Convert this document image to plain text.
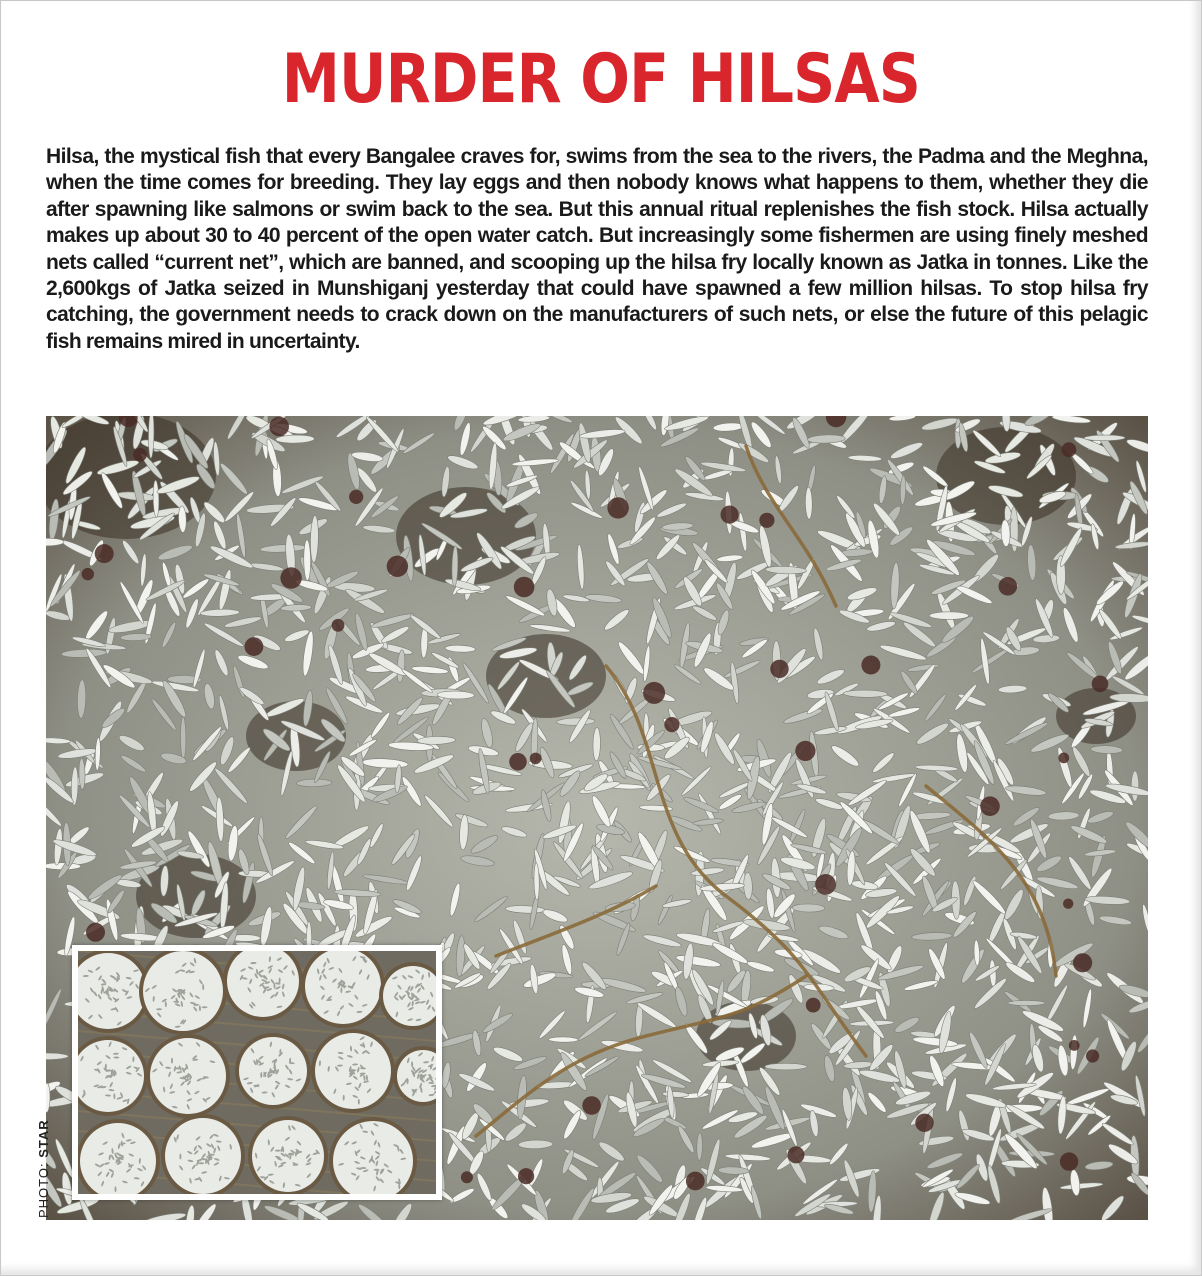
MURDER OF HILSAS

Hilsa, the mystical fish that every Bangalee craves for, swims from the sea to the rivers, the Padma and the Meghna, when the time comes for breeding. They lay eggs and then nobody knows what happens to them, whether they die after spawning like salmons or swim back to the sea. But this annual ritual replenishes the fish stock. Hilsa actually makes up about 30 to 40 percent of the open water catch. But increasingly some fishermen are using finely meshed nets called “current net”, which are banned, and scooping up the hilsa fry locally known as Jatka in tonnes. Like the 2,600kgs of Jatka seized in Munshiganj yesterday that could have spawned a few million hilsas. To stop hilsa fry catching, the government needs to crack down on the manufacturers of such nets, or else the future of this pelagic fish remains mired in uncertainty.

PHOTO: STAR
